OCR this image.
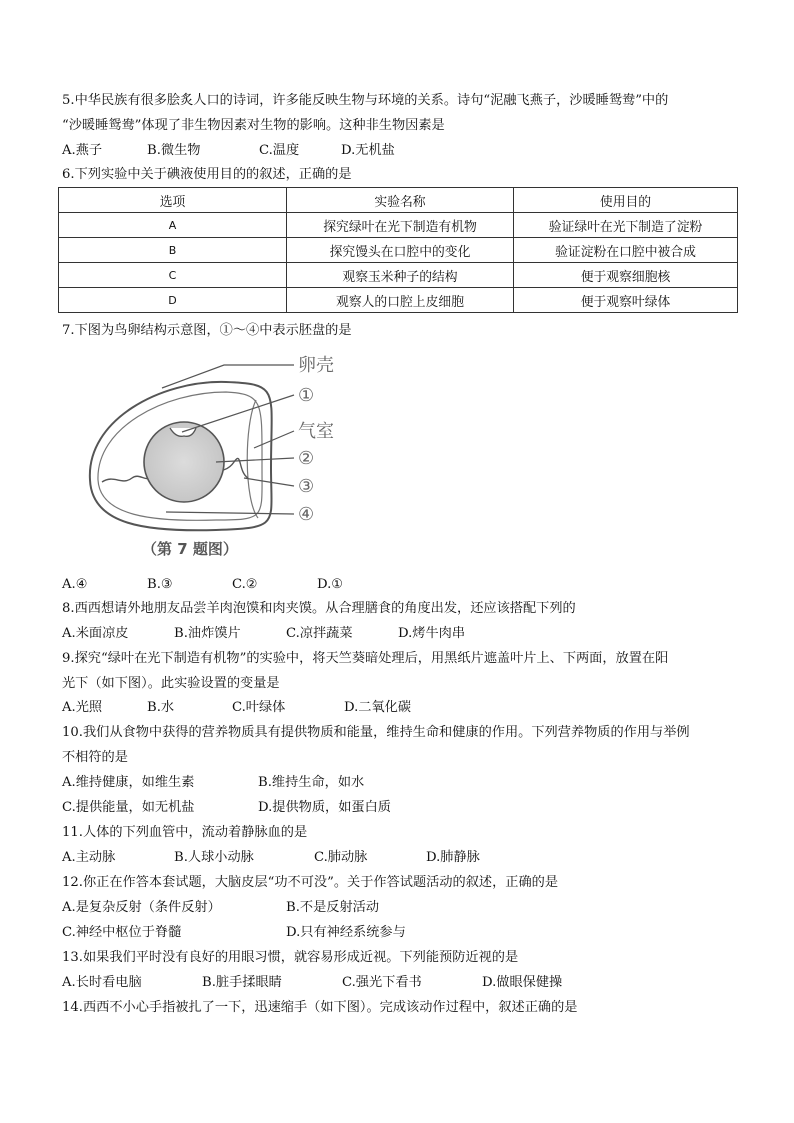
5.中华民族有很多脍炙人口的诗词，许多能反映生物与环境的关系。诗句“泥融飞燕子，沙暖睡鸳鸯”中的
“沙暖睡鸳鸯”体现了非生物因素对生物的影响。这种非生物因素是
A.燕子	B.微生物	C.温度	D.无机盐
6.下列实验中关于碘液使用目的的叙述，正确的是
选项	实验名称	使用目的
A	探究绿叶在光下制造有机物	验证绿叶在光下制造了淀粉
B	探究馒头在口腔中的变化	验证淀粉在口腔中被合成
C	观察玉米种子的结构	便于观察细胞核
D	观察人的口腔上皮细胞	便于观察叶绿体
7.下图为鸟卵结构示意图，①～④中表示胚盘的是
卵壳
①
气室
②
③
④
（第 7 题图）
A.④	B.③	C.②	D.①
8.西西想请外地朋友品尝羊肉泡馍和肉夹馍。从合理膳食的角度出发，还应该搭配下列的
A.米面凉皮	B.油炸馍片	C.凉拌蔬菜	D.烤牛肉串
9.探究“绿叶在光下制造有机物”的实验中，将天竺葵暗处理后，用黑纸片遮盖叶片上、下两面，放置在阳
光下（如下图）。此实验设置的变量是
A.光照	B.水	C.叶绿体	D.二氧化碳
10.我们从食物中获得的营养物质具有提供物质和能量，维持生命和健康的作用。下列营养物质的作用与举例
不相符的是
A.维持健康，如维生素	B.维持生命，如水
C.提供能量，如无机盐	D.提供物质，如蛋白质
11.人体的下列血管中，流动着静脉血的是
A.主动脉	B.人球小动脉	C.肺动脉	D.肺静脉
12.你正在作答本套试题，大脑皮层“功不可没”。关于作答试题活动的叙述，正确的是
A.是复杂反射（条件反射）	B.不是反射活动
C.神经中枢位于脊髓	D.只有神经系统参与
13.如果我们平时没有良好的用眼习惯，就容易形成近视。下列能预防近视的是
A.长时看电脑	B.脏手揉眼睛	C.强光下看书	D.做眼保健操
14.西西不小心手指被扎了一下，迅速缩手（如下图）。完成该动作过程中，叙述正确的是
